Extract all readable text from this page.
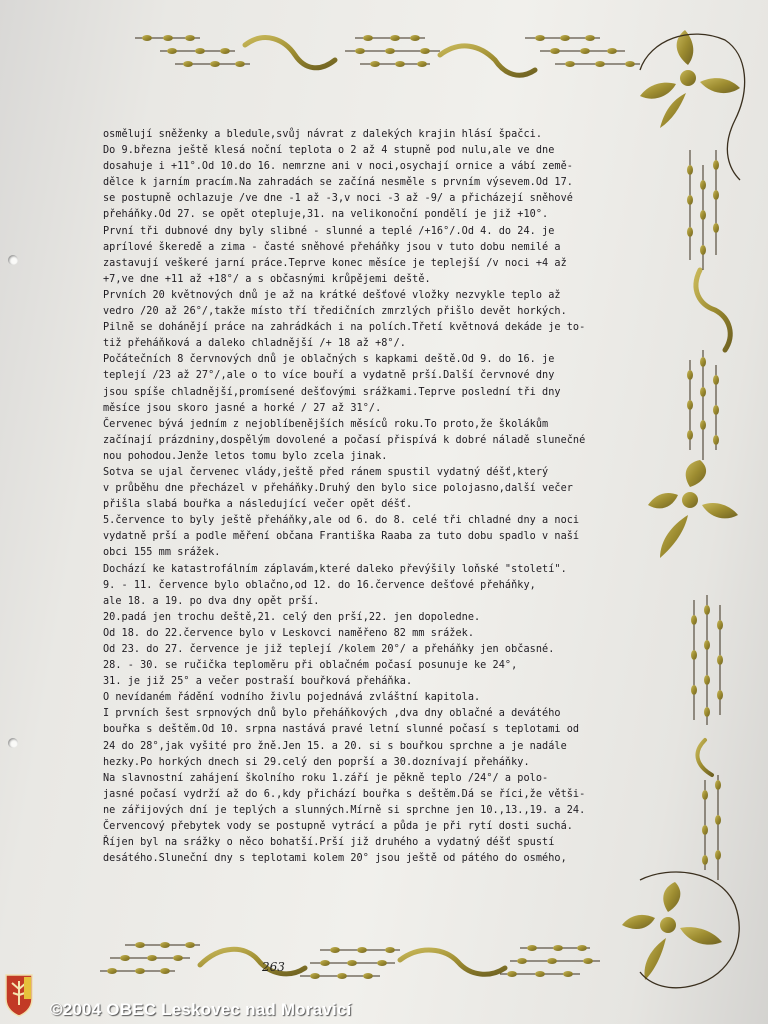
osmělují sněženky a bledule,svůj návrat z dalekých krajin hlásí špačci.
Do 9.března ještě klesá noční teplota o 2 až 4 stupně pod nulu,ale ve dne
dosahuje i +11°.Od 10.do 16. nemrzne ani v noci,osychají ornice a vábí země-
dělce k jarním pracím.Na zahradách se začíná nesměle s prvním výsevem.Od 17.
se postupně ochlazuje /ve dne -1 až -3,v noci -3 až -9/ a přicházejí sněhové
přeháňky.Od 27. se opět otepluje,31. na velikonoční pondělí je již +10°.
První tři dubnové dny byly slibné - slunné a teplé /+16°/.Od 4. do 24. je
aprílové škeredě a zima - časté sněhové přeháňky jsou v tuto dobu nemilé a
zastavují veškeré jarní práce.Teprve konec měsíce je teplejší /v noci +4 až
+7,ve dne +11 až +18°/ a s občasnými krůpějemi deště.
Prvních 20 květnových dnů je až na krátké dešťové vložky nezvykle teplo až
vedro /20 až 26°/,takže místo tří tředičních zmrzlých přišlo devět horkých.
Pilně se dohánějí práce na zahrádkách i na polích.Třetí květnová dekáde je to-
tiž přeháňková a daleko chladnější /+ 18 až +8°/.
Počátečních 8 červnových dnů je oblačných s kapkami deště.Od 9. do 16. je
teplejí /23 až 27°/,ale o to více bouří a vydatně prší.Další červnové dny
jsou spíše chladnější,promísené dešťovými srážkami.Teprve poslední tři dny
měsíce jsou skoro jasné a horké / 27 až 31°/.
Červenec bývá jedním z nejoblíbenějších měsíců roku.To proto,že školákům
začínají prázdniny,dospělým dovolené a počasí přispívá k dobré náladě slunečné
nou pohodou.Jenže letos tomu bylo zcela jinak.
Sotva se ujal červenec vlády,ještě před ránem spustil vydatný déšť,který
v průběhu dne přecházel v přeháňky.Druhý den bylo sice polojasno,další večer
přišla slabá bouřka a následující večer opět déšť.
5.července to byly ještě přeháňky,ale od 6. do 8. celé tři chladné dny a noci
vydatně prší a podle měření občana Františka Raaba za tuto dobu spadlo v naší
obci 155 mm srážek.
Dochází ke katastrofálním záplavám,které daleko převýšily loňské "století".
9. - 11. července bylo oblačno,od 12. do 16.července dešťové přeháňky,
ale 18. a 19. po dva dny opět prší.
20.padá jen trochu deště,21. celý den prší,22. jen dopoledne.
Od 18. do 22.července bylo v Leskovci naměřeno 82 mm srážek.
Od 23. do 27. července je již teplejí /kolem 20°/ a přeháňky jen občasné.
28. - 30. se ručička teploměru při oblačném počasí posunuje ke 24°,
31. je již 25° a večer postraší bouřková přeháňka.
O nevídaném řádění vodního živlu pojednává zvláštní kapitola.
I prvních šest srpnových dnů bylo přeháňkových ,dva dny oblačné a devátého
bouřka s deštěm.Od 10. srpna nastává pravé letní slunné počasí s teplotami od
24 do 28°,jak vyšité pro žně.Jen 15. a 20. si s bouřkou sprchne a je nadále
hezky.Po horkých dnech si 29.celý den poprší a 30.doznívají přeháňky.
Na slavnostní zahájení školního roku 1.září je pěkně teplo /24°/ a polo-
jasné počasí vydrží až do 6.,kdy přichází bouřka s deštěm.Dá se říci,že větši-
ne zářijových dní je teplých a slunných.Mírně si sprchne jen 10.,13.,19. a 24.
Červencový přebytek vody se postupně vytrácí a půda je při rytí dosti suchá.
Říjen byl na srážky o něco bohatší.Prší již druhého a vydatný déšť spustí
desátého.Sluneční dny s teplotami kolem 20° jsou ještě od pátého do osmého,
263
©2004 OBEC Leskovec nad Moravicí
